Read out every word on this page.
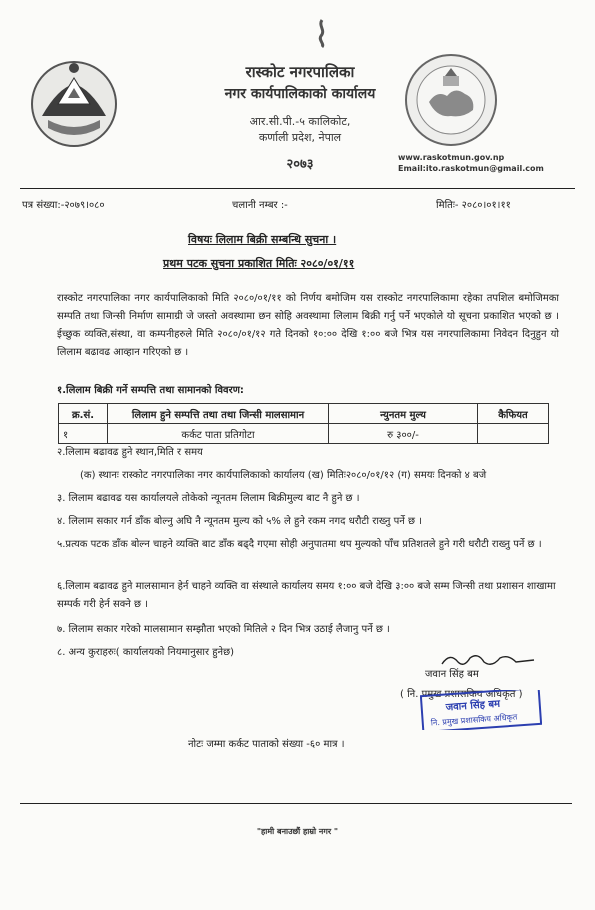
रास्कोट नगरपालिका
नगर कार्यपालिकाको कार्यालय
आर.सी.पी.-५ कालिकोट,
कर्णाली प्रदेश, नेपाल
२०७३	www.raskotmun.gov.np
Email:ito.raskotmun@gmail.com
पत्र संख्या:-२०७९।०८०	चलानी नम्बर :-	मितिः- २०८०।०१।११
विषयः लिलाम बिक्री सम्बन्धि सुचना ।
प्रथम पटक सुचना प्रकाशित मितिः २०८०/०१/११
रास्कोट नगरपालिका नगर कार्यपालिकाको मिति २०८०/०१/११ को निर्णय बमोजिम यस रास्कोट नगरपालिकामा रहेका तपशिल बमोजिमका सम्पति तथा जिन्सी निर्माण सामाग्री जे जस्तो अवस्थामा छन सोहि अवस्थामा लिलाम बिक्री गर्नु पर्ने भएकोले यो सूचना प्रकाशित भएको छ । ईच्छुक व्यक्ति,संस्था, वा कम्पनीहरुले मिति २०८०/०१/१२ गते दिनको १०:०० देखि १:०० बजे भित्र यस नगरपालिकामा निवेदन दिनुहुन यो लिलाम बढावढ आव्हान गरिएको छ ।
१.लिलाम बिक्री गर्ने सम्पत्ति तथा सामानको विवरण:
क्र.सं.	लिलाम हुने सम्पत्ति तथा तथा जिन्सी मालसामान	न्युनतम मुल्य	कैफियत
१	कर्कट पाता प्रतिगोटा	रु ३००/-	
२.लिलाम बढावढ हुने स्थान,मिति र समय
(क) स्थानः रास्कोट नगरपालिका नगर कार्यपालिकाको कार्यालय (ख) मितिः२०८०/०१/१२ (ग) समयः दिनको ४ बजे
३. लिलाम बढावढ यस कार्यालयले तोकेको न्यूनतम लिलाम बिक्रीमुल्य बाट नै हुने छ ।
४. लिलाम सकार गर्न डाँक बोल्नु अघि नै न्यूनतम मुल्य को ५% ले हुने रकम नगद धरौटी राख्नु पर्ने छ ।
५.प्रत्यक पटक डाँक बोल्न चाहने व्यक्ति बाट डाँक बढ्दै गएमा सोही अनुपातमा थप मुल्यको पाँच प्रतिशतले हुने गरी धरौटी राख्नु पर्ने छ ।
६.लिलाम बढावढ हुने मालसामान हेर्न चाहने व्यक्ति वा संस्थाले कार्यालय समय १:०० बजे देखि ३:०० बजे सम्म जिन्सी तथा प्रशासन शाखामा सम्पर्क गरी हेर्न सक्ने छ ।
७. लिलाम सकार गरेको मालसामान सम्झौता भएको मितिले २ दिन भित्र उठाई लैजानु पर्ने छ ।
८. अन्य कुराहरुः( कार्यालयको नियमानुसार हुनेछ)
जवान सिंह बम
( नि. प्रमुख प्रशासकिय अधिकृत )
जवान सिंह बम
नि. प्रमुख प्रशासकिय अधिकृत
नोटः जम्मा कर्कट पाताको संख्या -६० मात्र ।
"हामी बनाउछौं हाम्रो नगर "
